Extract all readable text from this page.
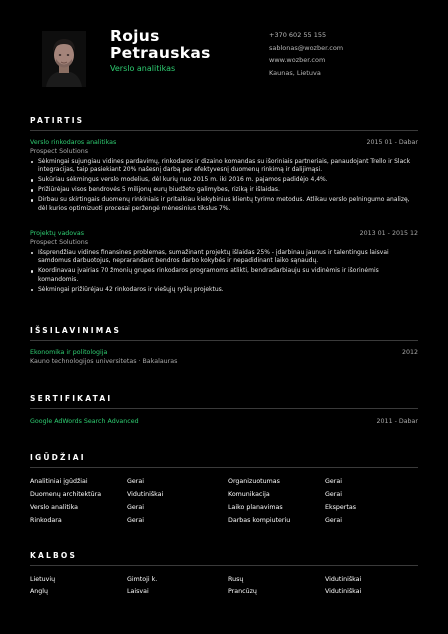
Rojus
Petrauskas
Verslo analitikas
+370 602 55 155
sablonas@wozber.com
www.wozber.com
Kaunas, Lietuva
PATIRTIS
Verslo rinkodaros analitikas	2015 01 - Dabar
Prospect Solutions
Sėkmingai sujungiau vidines pardavimų, rinkodaros ir dizaino komandas su išoriniais partneriais, panaudojant Trello ir Slack integracijas, taip pasiekiant 20% našesnį darbą per efektyvesnį duomenų rinkimą ir dalijimąsi.
Sukūriau sėkmingus verslo modelius, dėl kurių nuo 2015 m. iki 2016 m. pajamos padidėjo 4,4%.
Prižiūrėjau visos bendrovės 5 milijonų eurų biudžeto galimybes, riziką ir išlaidas.
Dirbau su skirtingais duomenų rinkiniais ir pritaikiau kiekybinius klientų tyrimo metodus. Atlikau verslo pelningumo analizę, dėl kurios optimizuoti procesai peržengė mėnesinius tikslus 7%.
Projektų vadovas	2013 01 - 2015 12
Prospect Solutions
Išsprendžiau vidines finansines problemas, sumažinant projektų išlaidas 25% - įdarbinau jaunus ir talentingus laisvai samdomus darbuotojus, neprarandant bendros darbo kokybės ir nepadidinant laiko sąnaudų.
Koordinavau įvairias 70 žmonių grupes rinkodaros programoms atlikti, bendradarbiauju su vidinėmis ir išorinėmis komandomis.
Sėkmingai prižiūrėjau 42 rinkodaros ir viešųjų ryšių projektus.
IŠSILAVINIMAS
Ekonomika ir politologija	2012
Kauno technologijos universitetas · Bakalauras
SERTIFIKATAI
Google AdWords Search Advanced	2011 - Dabar
IGŪDŽIAI
Analitiniai įgūdžiai	Gerai	Organizuotumas	Gerai
Duomenų architektūra	Vidutiniškai	Komunikacija	Gerai
Verslo analitika	Gerai	Laiko planavimas	Ekspertas
Rinkodara	Gerai	Darbas kompiuteriu	Gerai
KALBOS
Lietuvių	Gimtoji k.	Rusų	Vidutiniškai
Anglų	Laisvai	Prancūzų	Vidutiniškai
